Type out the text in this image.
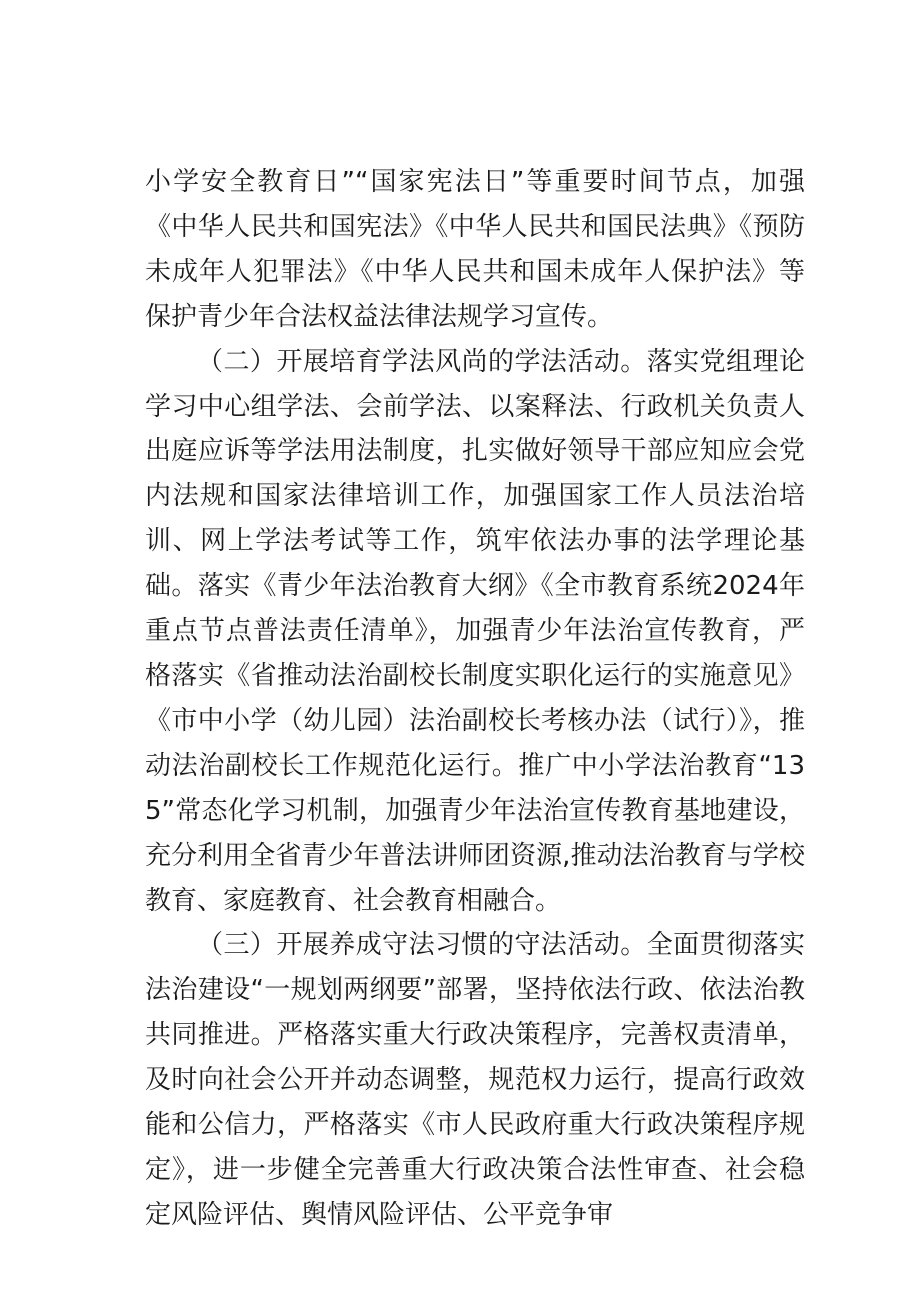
小学安全教育日”“国家宪法日”等重要时间节点，加强《中华人民共和国宪法》《中华人民共和国民法典》《预防未成年人犯罪法》《中华人民共和国未成年人保护法》等保护青少年合法权益法律法规学习宣传。

（二）开展培育学法风尚的学法活动。落实党组理论学习中心组学法、会前学法、以案释法、行政机关负责人出庭应诉等学法用法制度，扎实做好领导干部应知应会党内法规和国家法律培训工作，加强国家工作人员法治培训、网上学法考试等工作，筑牢依法办事的法学理论基础。落实《青少年法治教育大纲》《全市教育系统2024年重点节点普法责任清单》，加强青少年法治宣传教育，严格落实《省推动法治副校长制度实职化运行的实施意见》《市中小学（幼儿园）法治副校长考核办法（试行）》，推动法治副校长工作规范化运行。推广中小学法治教育“135”常态化学习机制，加强青少年法治宣传教育基地建设，充分利用全省青少年普法讲师团资源,推动法治教育与学校教育、家庭教育、社会教育相融合。

（三）开展养成守法习惯的守法活动。全面贯彻落实法治建设“一规划两纲要”部署，坚持依法行政、依法治教共同推进。严格落实重大行政决策程序，完善权责清单，及时向社会公开并动态调整，规范权力运行，提高行政效能和公信力，严格落实《市人民政府重大行政决策程序规定》，进一步健全完善重大行政决策合法性审查、社会稳定风险评估、舆情风险评估、公平竞争审
